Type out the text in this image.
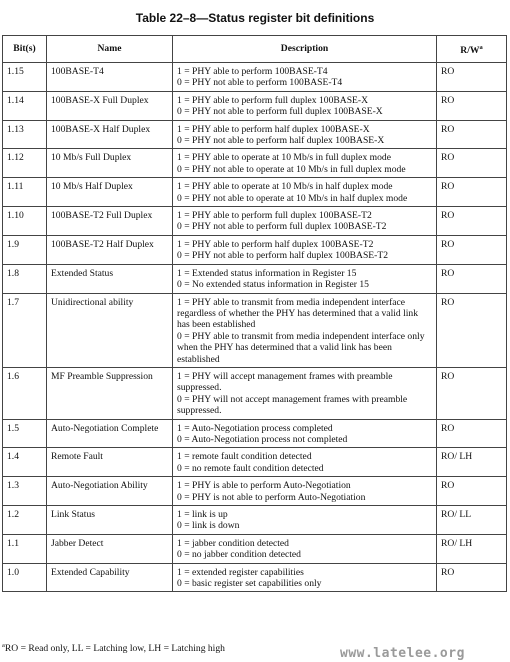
Table 22–8—Status register bit definitions
Bit(s)	Name	Description	$R/W^a$
1.15	100BASE-T4	1 = PHY able to perform 100BASE-T4
0 = PHY not able to perform 100BASE-T4	RO
1.14	100BASE-X Full Duplex	1 = PHY able to perform full duplex 100BASE-X
0 = PHY not able to perform full duplex 100BASE-X	RO
1.13	100BASE-X Half Duplex	1 = PHY able to perform half duplex 100BASE-X
0 = PHY not able to perform half duplex 100BASE-X	RO
1.12	10 Mb/s Full Duplex	1 = PHY able to operate at 10 Mb/s in full duplex mode
0 = PHY not able to operate at 10 Mb/s in full duplex mode	RO
1.11	10 Mb/s Half Duplex	1 = PHY able to operate at 10 Mb/s in half duplex mode
0 = PHY not able to operate at 10 Mb/s in half duplex mode	RO
1.10	100BASE-T2 Full Duplex	1 = PHY able to perform full duplex 100BASE-T2
0 = PHY not able to perform full duplex 100BASE-T2	RO
1.9	100BASE-T2 Half Duplex	1 = PHY able to perform half duplex 100BASE-T2
0 = PHY not able to perform half duplex 100BASE-T2	RO
1.8	Extended Status	1 = Extended status information in Register 15
0 = No extended status information in Register 15	RO
1.7	Unidirectional ability	1 = PHY able to transmit from media independent interface regardless of whether the PHY has determined that a valid link has been established
0 = PHY able to transmit from media independent interface only when the PHY has determined that a valid link has been established	RO
1.6	MF Preamble Suppression	1 = PHY will accept management frames with preamble suppressed.
0 = PHY will not accept management frames with preamble suppressed.	RO
1.5	Auto-Negotiation Complete	1 = Auto-Negotiation process completed
0 = Auto-Negotiation process not completed	RO
1.4	Remote Fault	1 = remote fault condition detected
0 = no remote fault condition detected	RO/ LH
1.3	Auto-Negotiation Ability	1 = PHY is able to perform Auto-Negotiation
0 = PHY is not able to perform Auto-Negotiation	RO
1.2	Link Status	1 = link is up
0 = link is down	RO/ LL
1.1	Jabber Detect	1 = jabber condition detected
0 = no jabber condition detected	RO/ LH
1.0	Extended Capability	1 = extended register capabilities
0 = basic register set capabilities only	RO
$^a$RO = Read only, LL = Latching low, LH = Latching high	www.latelee.org
